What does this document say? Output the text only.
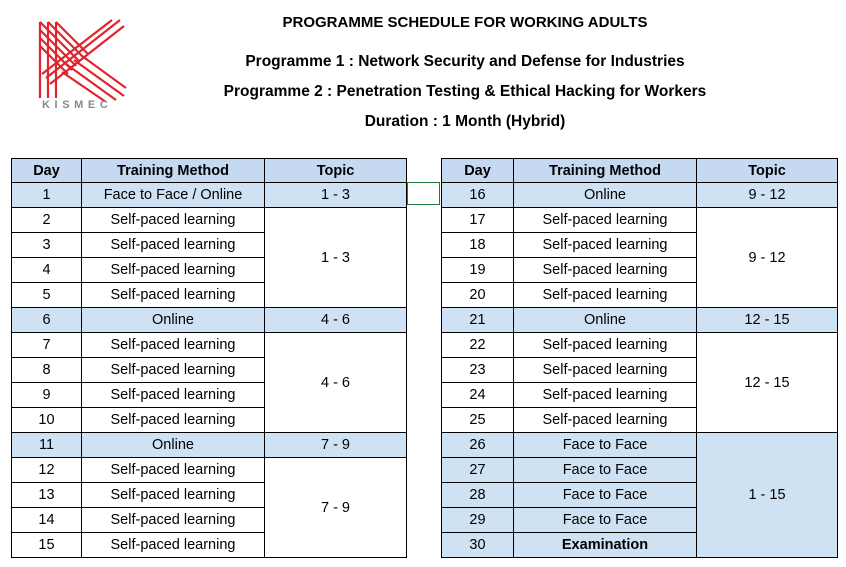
KISMEC
PROGRAMME SCHEDULE FOR WORKING ADULTS
Programme 1 : Network Security and Defense for Industries
Programme 2 : Penetration Testing & Ethical Hacking for Workers
Duration : 1 Month (Hybrid)
Day	Training Method	Topic
1	Face to Face / Online	1 - 3
2	Self-paced learning	1 - 3
3	Self-paced learning	
4	Self-paced learning	
5	Self-paced learning	
6	Online	4 - 6
7	Self-paced learning	4 - 6
8	Self-paced learning	
9	Self-paced learning	
10	Self-paced learning	
11	Online	7 - 9
12	Self-paced learning	7 - 9
13	Self-paced learning	
14	Self-paced learning	
15	Self-paced learning	
Day	Training Method	Topic
16	Online	9 - 12
17	Self-paced learning	9 - 12
18	Self-paced learning	
19	Self-paced learning	
20	Self-paced learning	
21	Online	12 - 15
22	Self-paced learning	12 - 15
23	Self-paced learning	
24	Self-paced learning	
25	Self-paced learning	
26	Face to Face	1 - 15
27	Face to Face	
28	Face to Face	
29	Face to Face	
30	Examination	
